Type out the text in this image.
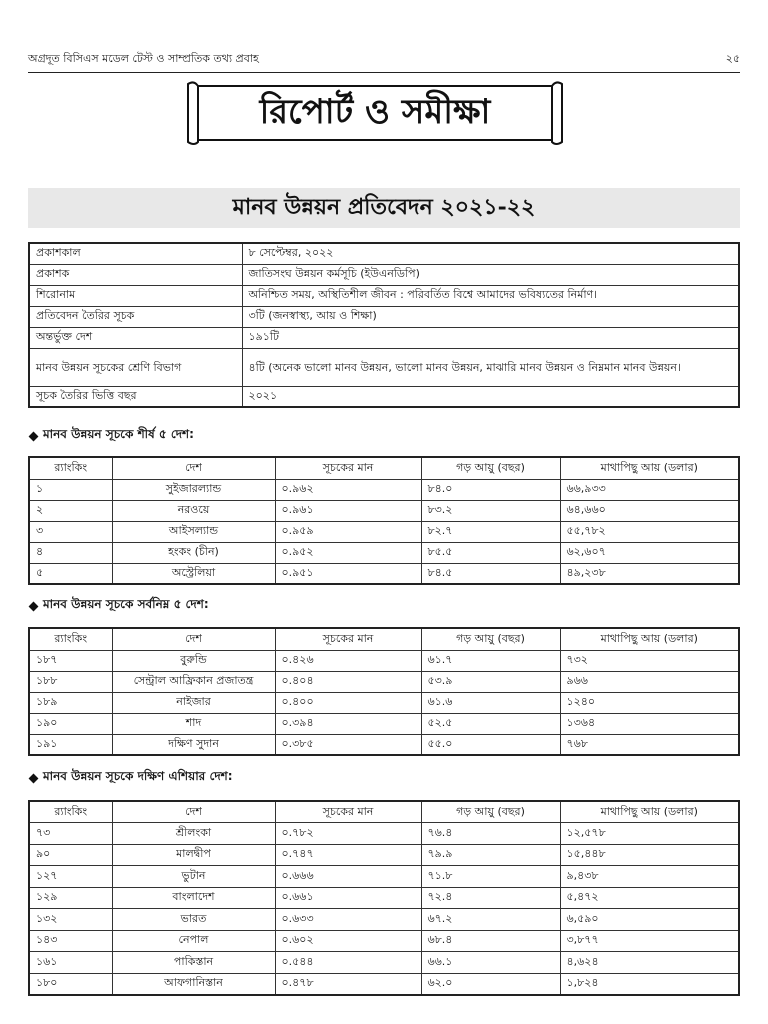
অগ্রদূত বিসিএস মডেল টেস্ট ও সাম্প্রতিক তথ্য প্রবাহ	২৫
রিপোর্ট ও সমীক্ষা
মানব উন্নয়ন প্রতিবেদন ২০২১-২২
প্রকাশকাল	৮ সেপ্টেম্বর, ২০২২
প্রকাশক	জাতিসংঘ উন্নয়ন কর্মসূচি (ইউএনডিপি)
শিরোনাম	অনিশ্চিত সময়, অস্থিতিশীল জীবন : পরিবর্তিত বিশ্বে আমাদের ভবিষ্যতের নির্মাণ।
প্রতিবেদন তৈরির সূচক	৩টি (জনস্বাস্থ্য, আয় ও শিক্ষা)
অন্তর্ভুক্ত দেশ	১৯১টি
মানব উন্নয়ন সূচকের শ্রেণি বিভাগ	৪টি (অনেক ভালো মানব উন্নয়ন, ভালো মানব উন্নয়ন, মাঝারি মানব উন্নয়ন ও নিম্নমান মানব উন্নয়ন।
সূচক তৈরির ভিত্তি বছর	২০২১
মানব উন্নয়ন সূচকে শীর্ষ ৫ দেশ:
র‍্যাংকিং	দেশ	সূচকের মান	গড় আয়ু (বছর)	মাথাপিছু আয় (ডলার)
১	সুইজারল্যান্ড	০.৯৬২	৮৪.০	৬৬,৯৩৩
২	নরওয়ে	০.৯৬১	৮৩.২	৬৪,৬৬০
৩	আইসল্যান্ড	০.৯৫৯	৮২.৭	৫৫,৭৮২
৪	হংকং (চীন)	০.৯৫২	৮৫.৫	৬২,৬০৭
৫	অস্ট্রেলিয়া	০.৯৫১	৮৪.৫	৪৯,২৩৮
মানব উন্নয়ন সূচকে সর্বনিম্ন ৫ দেশ:
র‍্যাংকিং	দেশ	সূচকের মান	গড় আয়ু (বছর)	মাথাপিছু আয় (ডলার)
১৮৭	বুরুন্ডি	০.৪২৬	৬১.৭	৭৩২
১৮৮	সেন্ট্রাল আফ্রিকান প্রজাতন্ত্র	০.৪০৪	৫৩.৯	৯৬৬
১৮৯	নাইজার	০.৪০০	৬১.৬	১২৪০
১৯০	শাদ	০.৩৯৪	৫২.৫	১৩৬৪
১৯১	দক্ষিণ সুদান	০.৩৮৫	৫৫.০	৭৬৮
মানব উন্নয়ন সূচকে দক্ষিণ এশিয়ার দেশ:
র‍্যাংকিং	দেশ	সূচকের মান	গড় আয়ু (বছর)	মাথাপিছু আয় (ডলার)
৭৩	শ্রীলংকা	০.৭৮২	৭৬.৪	১২,৫৭৮
৯০	মালদ্বীপ	০.৭৪৭	৭৯.৯	১৫,৪৪৮
১২৭	ভুটান	০.৬৬৬	৭১.৮	৯,৪৩৮
১২৯	বাংলাদেশ	০.৬৬১	৭২.৪	৫,৪৭২
১৩২	ভারত	০.৬৩৩	৬৭.২	৬,৫৯০
১৪৩	নেপাল	০.৬০২	৬৮.৪	৩,৮৭৭
১৬১	পাকিস্তান	০.৫৪৪	৬৬.১	৪,৬২৪
১৮০	আফগানিস্তান	০.৪৭৮	৬২.০	১,৮২৪
